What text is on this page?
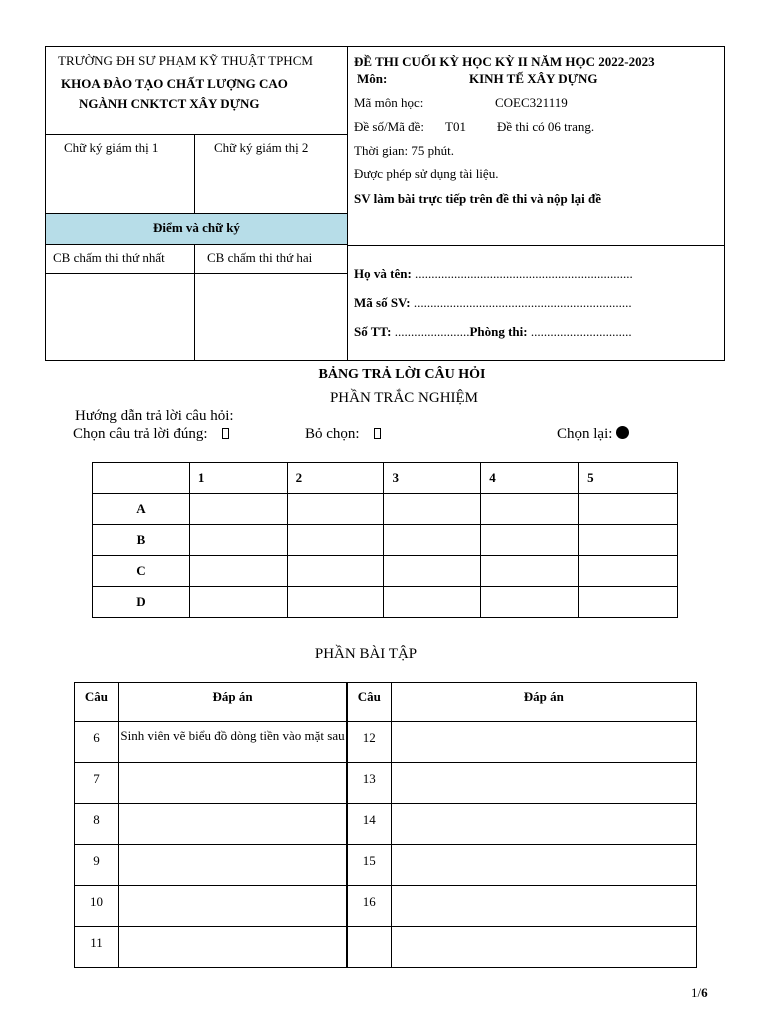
TRƯỜNG ĐH SƯ PHẠM KỸ THUẬT TPHCM
KHOA ĐÀO TẠO CHẤT LƯỢNG CAO
NGÀNH CNKTCT XÂY DỰNG
Chữ ký giám thị 1	Chữ ký giám thị 2
Điểm và chữ ký
CB chấm thi thứ nhất	CB chấm thi thứ hai
ĐỀ THI CUỐI KỲ HỌC KỲ II NĂM HỌC 2022-2023
Môn:	KINH TẾ XÂY DỰNG
Mã môn học:	COEC321119
Đề số/Mã đề: T01 Đề thi có 06 trang.
Thời gian: 75 phút.
Được phép sử dụng tài liệu.
SV làm bài trực tiếp trên đề thi và nộp lại đề
Họ và tên: ...................................................................
Mã số SV: ...................................................................
Số TT: .......................Phòng thi: ...............................
BẢNG TRẢ LỜI CÂU HỎI
PHẦN TRẮC NGHIỆM
Hướng dẫn trả lời câu hỏi:
Chọn câu trả lời đúng:	Bỏ chọn:	Chọn lại:
	1	2	3	4	5
A					
B					
C					
D					
PHẦN BÀI TẬP
Câu	Đáp án	Câu	Đáp án
6	Sinh viên vẽ biểu đồ dòng tiền vào mặt sau	12	
7		13	
8		14	
9		15	
10		16	
11			
1/6
